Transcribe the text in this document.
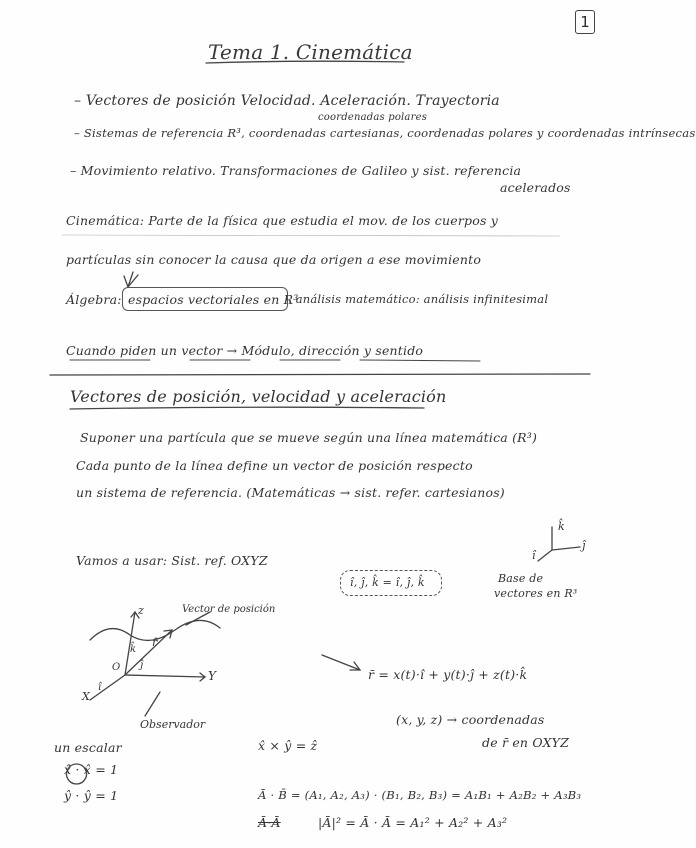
1
Tema 1. Cinemática
coordenadas polares
– Vectores de posición Velocidad. Aceleración. Trayectoria
– Sistemas de referencia R³, coordenadas cartesianas, coordenadas polares y coordenadas intrínsecas
– Movimiento relativo. Transformaciones de Galileo y sist. referencia
acelerados
Cinemática: Parte de la física que estudia el mov. de los cuerpos y
partículas sin conocer la causa que da origen a ese movimiento
Álgebra: espacios vectoriales en R³
, análisis matemático: análisis infinitesimal
Cuando piden un vector → Módulo, dirección y sentido
Vectores de posición, velocidad y aceleración
Suponer una partícula que se mueve según una línea matemática (R³)
Cada punto de la línea define un vector de posición respecto
un sistema de referencia. (Matemáticas → sist. refer. cartesianos)
Vamos a usar: Sist. ref. OXYZ
î, ĵ, k̂ = î, ĵ, k̂	Base de
vectores en R³
r̄ = x(t)·î + y(t)·ĵ + z(t)·k̂
(x, y, z) → coordenadas
de r̄ en OXYZ
un escalar
x̂ · x̂ = 1
ŷ · ŷ = 1
x̂ × ŷ = ẑ
Ā · B̄ = (A₁, A₂, A₃) · (B₁, B₂, B₃) = A₁B₁ + A₂B₂ + A₃B₃
Ā·Ā	|Ā|² = Ā · Ā = A₁² + A₂² + A₃²
k̂
ĵ
î
Vector de posición
Y
X
z
O
r̄
k̂
î
ĵ
Observador
